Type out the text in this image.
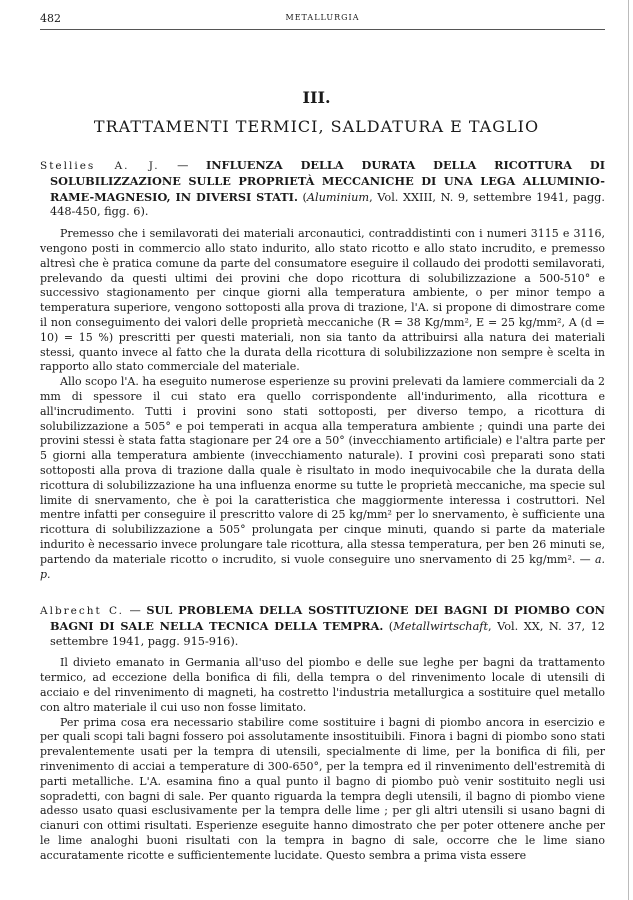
482	METALLURGIA
III.
TRATTAMENTI TERMICI, SALDATURA E TAGLIO
Stellies A. J. — INFLUENZA DELLA DURATA DELLA RICOTTURA DI SOLUBILIZZAZIONE SULLE PROPRIETÀ MECCANICHE DI UNA LEGA ALLUMINIO-RAME-MAGNESIO, IN DIVERSI STATI. (Aluminium, Vol. XXIII, N. 9, settembre 1941, pagg. 448-450, figg. 6).

Premesso che i semilavorati dei materiali arconautici, contraddistinti con i numeri 3115 e 3116, vengono posti in commercio allo stato indurito, allo stato ricotto e allo stato incrudito, e premesso altresì che è pratica comune da parte del consumatore eseguire il collaudo dei prodotti semilavorati, prelevando da questi ultimi dei provini che dopo ricottura di solubilizzazione a 500-510° e successivo stagionamento per cinque giorni alla temperatura ambiente, o per minor tempo a temperatura superiore, vengono sottoposti alla prova di trazione, l'A. si propone di dimostrare come il non conseguimento dei valori delle proprietà meccaniche (R = 38 Kg/mm², E = 25 kg/mm², A (d = 10) = 15 %) prescritti per questi materiali, non sia tanto da attribuirsi alla natura dei materiali stessi, quanto invece al fatto che la durata della ricottura di solubilizzazione non sempre è scelta in rapporto allo stato commerciale del materiale.

Allo scopo l'A. ha eseguito numerose esperienze su provini prelevati da lamiere commerciali da 2 mm di spessore il cui stato era quello corrispondente all'indurimento, alla ricottura e all'incrudimento. Tutti i provini sono stati sottoposti, per diverso tempo, a ricottura di solubilizzazione a 505° e poi temperati in acqua alla temperatura ambiente ; quindi una parte dei provini stessi è stata fatta stagionare per 24 ore a 50° (invecchiamento artificiale) e l'altra parte per 5 giorni alla temperatura ambiente (invecchiamento naturale). I provini così preparati sono stati sottoposti alla prova di trazione dalla quale è risultato in modo inequivocabile che la durata della ricottura di solubilizzazione ha una influenza enorme su tutte le proprietà meccaniche, ma specie sul limite di snervamento, che è poi la caratteristica che maggiormente interessa i costruttori. Nel mentre infatti per conseguire il prescritto valore di 25 kg/mm² per lo snervamento, è sufficiente una ricottura di solubilizzazione a 505° prolungata per cinque minuti, quando si parte da materiale indurito è necessario invece prolungare tale ricottura, alla stessa temperatura, per ben 26 minuti se, partendo da materiale ricotto o incrudito, si vuole conseguire uno snervamento di 25 kg/mm². — a. p.

Albrecht C. — SUL PROBLEMA DELLA SOSTITUZIONE DEI BAGNI DI PIOMBO CON BAGNI DI SALE NELLA TECNICA DELLA TEMPRA. (Metallwirtschaft, Vol. XX, N. 37, 12 settembre 1941, pagg. 915-916).

Il divieto emanato in Germania all'uso del piombo e delle sue leghe per bagni da trattamento termico, ad eccezione della bonifica di fili, della tempra o del rinvenimento locale di utensili di acciaio e del rinvenimento di magneti, ha costretto l'industria metallurgica a sostituire quel metallo con altro materiale il cui uso non fosse limitato.

Per prima cosa era necessario stabilire come sostituire i bagni di piombo ancora in esercizio e per quali scopi tali bagni fossero poi assolutamente insostituibili. Finora i bagni di piombo sono stati prevalentemente usati per la tempra di utensili, specialmente di lime, per la bonifica di fili, per rinvenimento di acciai a temperature di 300-650°, per la tempra ed il rinvenimento dell'estremità di parti metalliche. L'A. esamina fino a qual punto il bagno di piombo può venir sostituito negli usi sopradetti, con bagni di sale. Per quanto riguarda la tempra degli utensili, il bagno di piombo viene adesso usato quasi esclusivamente per la tempra delle lime ; per gli altri utensili si usano bagni di cianuri con ottimi risultati. Esperienze eseguite hanno dimostrato che per poter ottenere anche per le lime analoghi buoni risultati con la tempra in bagno di sale, occorre che le lime siano accuratamente ricotte e sufficientemente lucidate. Questo sembra a prima vista essere
